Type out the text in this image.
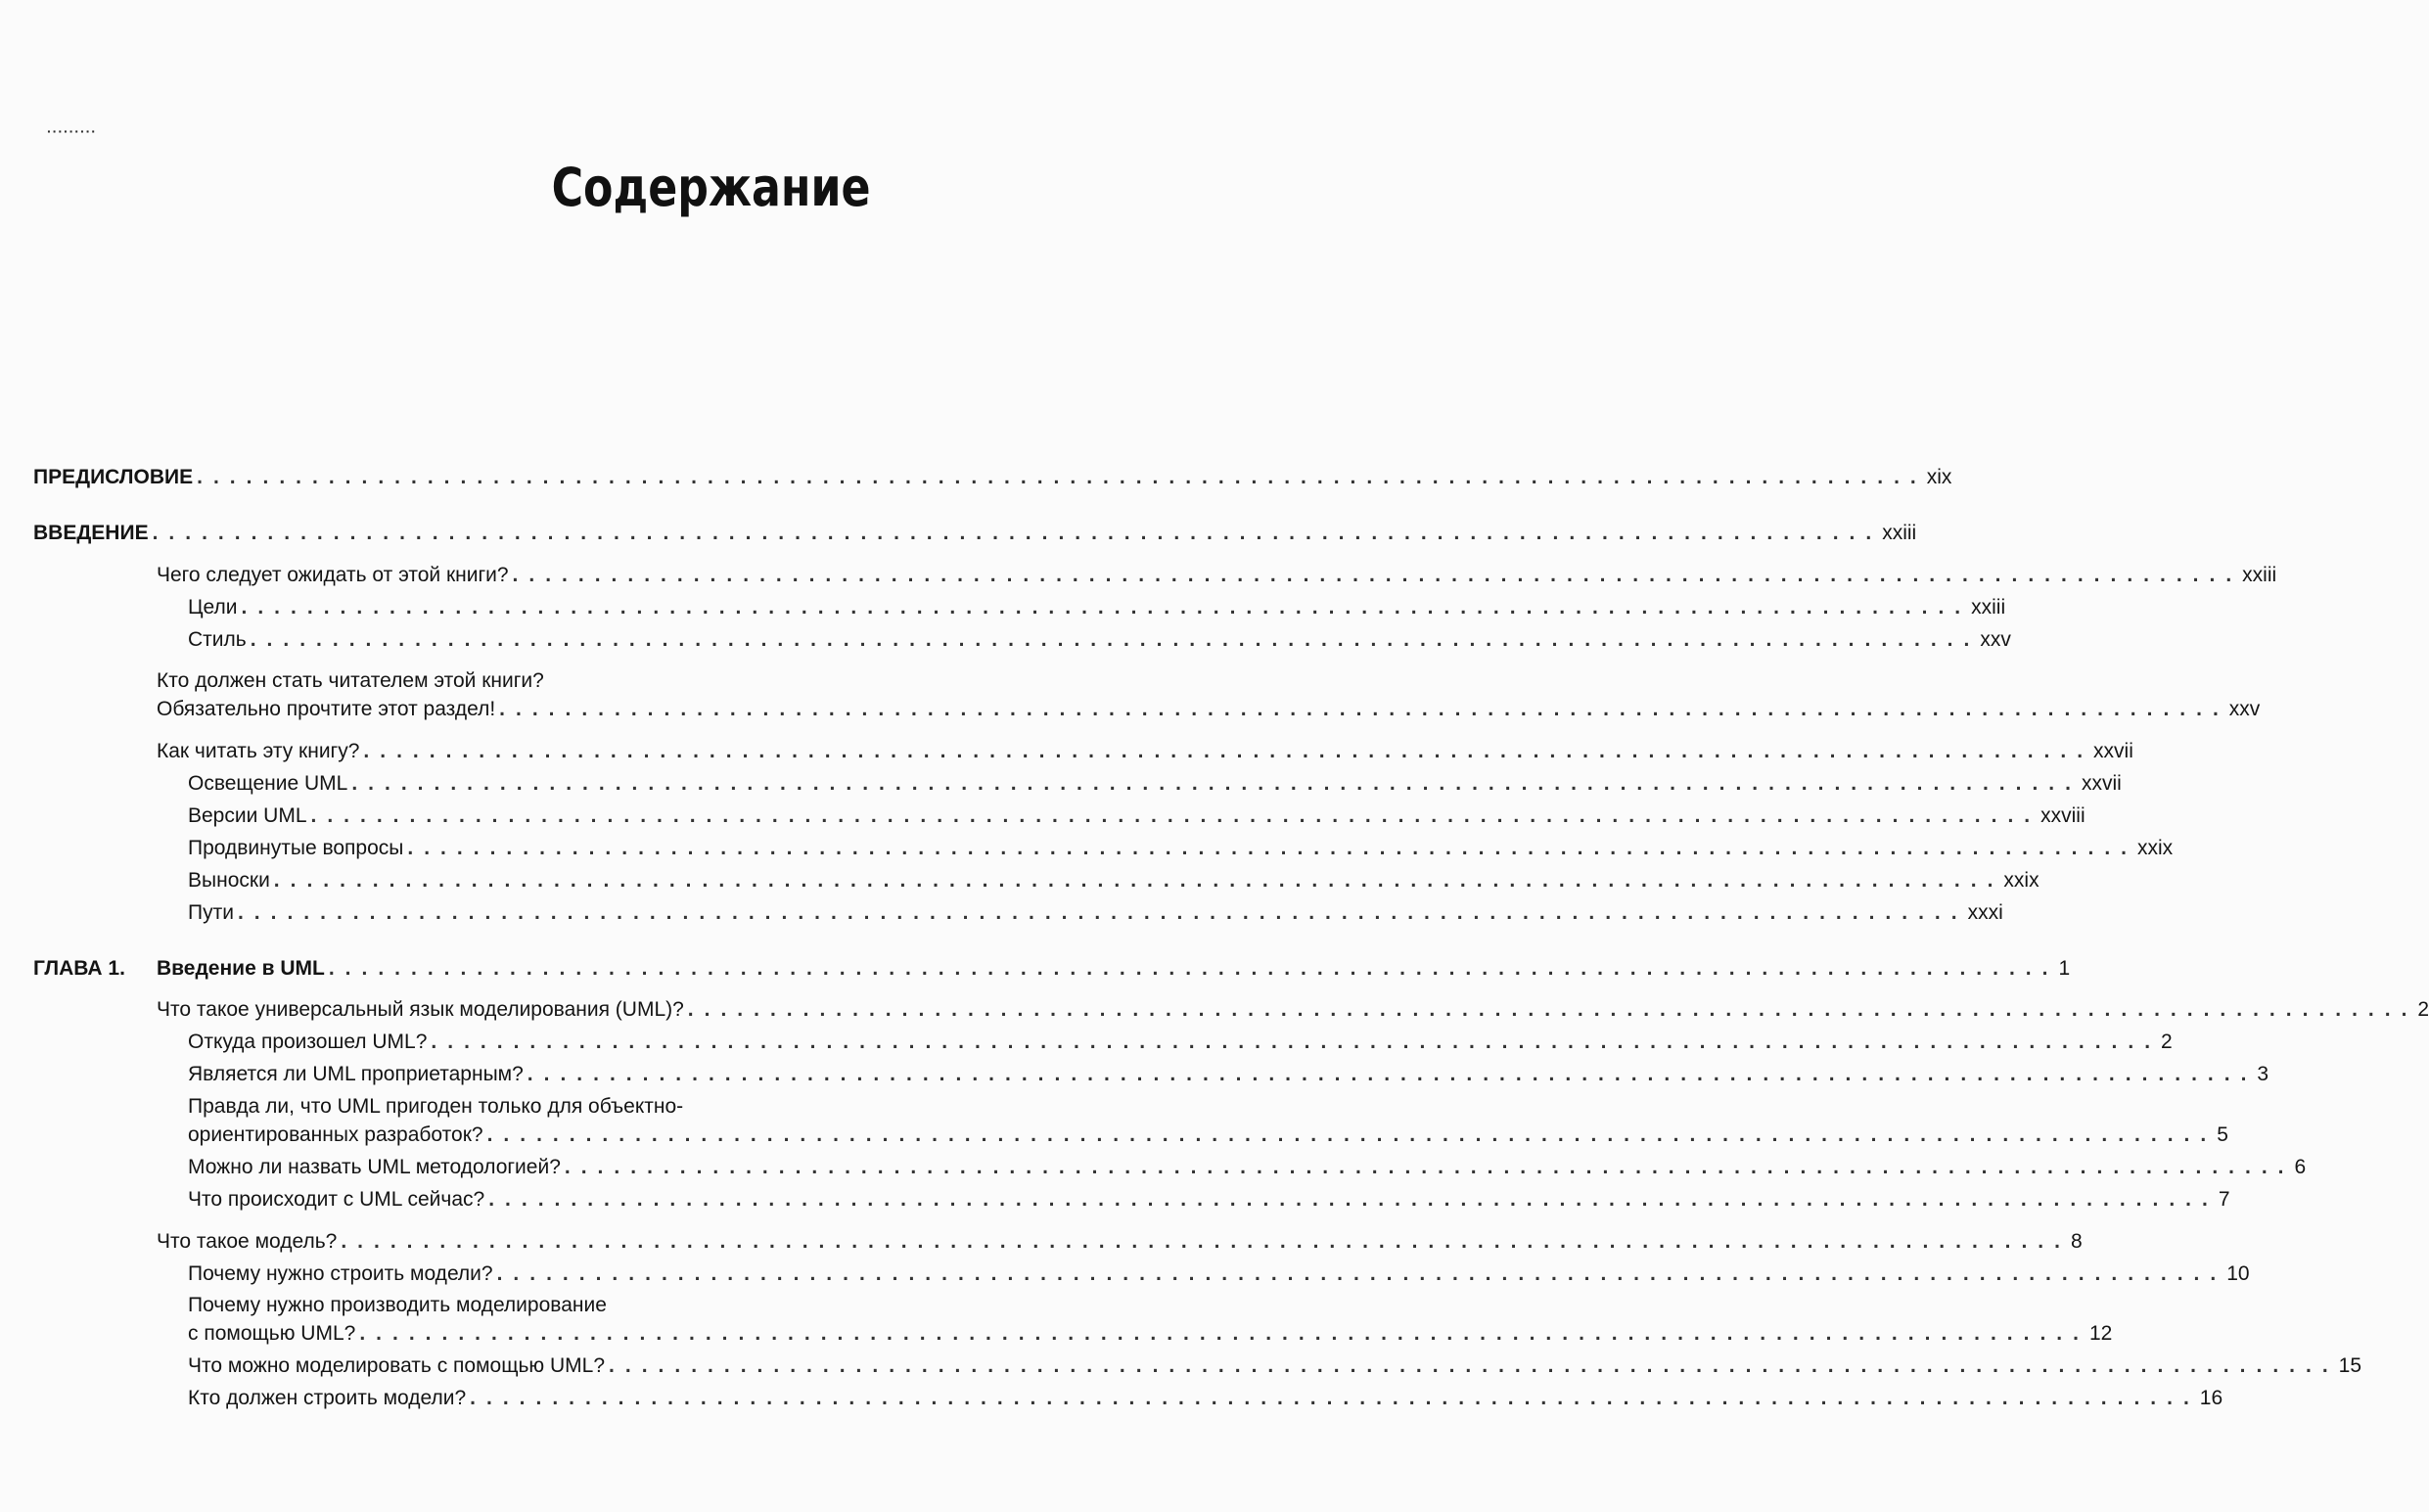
·········
Содержание
ПРЕДИСЛОВИЕ ......................................................................................................... xix
ВВЕДЕНИЕ ......................................................................................................... xxiii
Чего следует ожидать от этой книги? ......................................................................................................... xxiii
Цели ......................................................................................................... xxiii
Стиль ......................................................................................................... xxv
Кто должен стать читателем этой книги?
Обязательно прочтите этот раздел! ......................................................................................................... xxv
Как читать эту книгу? ......................................................................................................... xxvii
Освещение UML ......................................................................................................... xxvii
Версии UML ......................................................................................................... xxviii
Продвинутые вопросы ......................................................................................................... xxix
Выноски ......................................................................................................... xxix
Пути ......................................................................................................... xxxi
ГЛАВА 1. Введение в UML ......................................................................................................... 1
Что такое универсальный язык моделирования (UML)? ......................................................................................................... 2
Откуда произошел UML? ......................................................................................................... 2
Является ли UML проприетарным? ......................................................................................................... 3
Правда ли, что UML пригоден только для объектно-
ориентированных разработок? ......................................................................................................... 5
Можно ли назвать UML методологией? ......................................................................................................... 6
Что происходит с UML сейчас? ......................................................................................................... 7
Что такое модель? ......................................................................................................... 8
Почему нужно строить модели? ......................................................................................................... 10
Почему нужно производить моделирование
с помощью UML? ......................................................................................................... 12
Что можно моделировать с помощью UML? ......................................................................................................... 15
Кто должен строить модели? ......................................................................................................... 16
